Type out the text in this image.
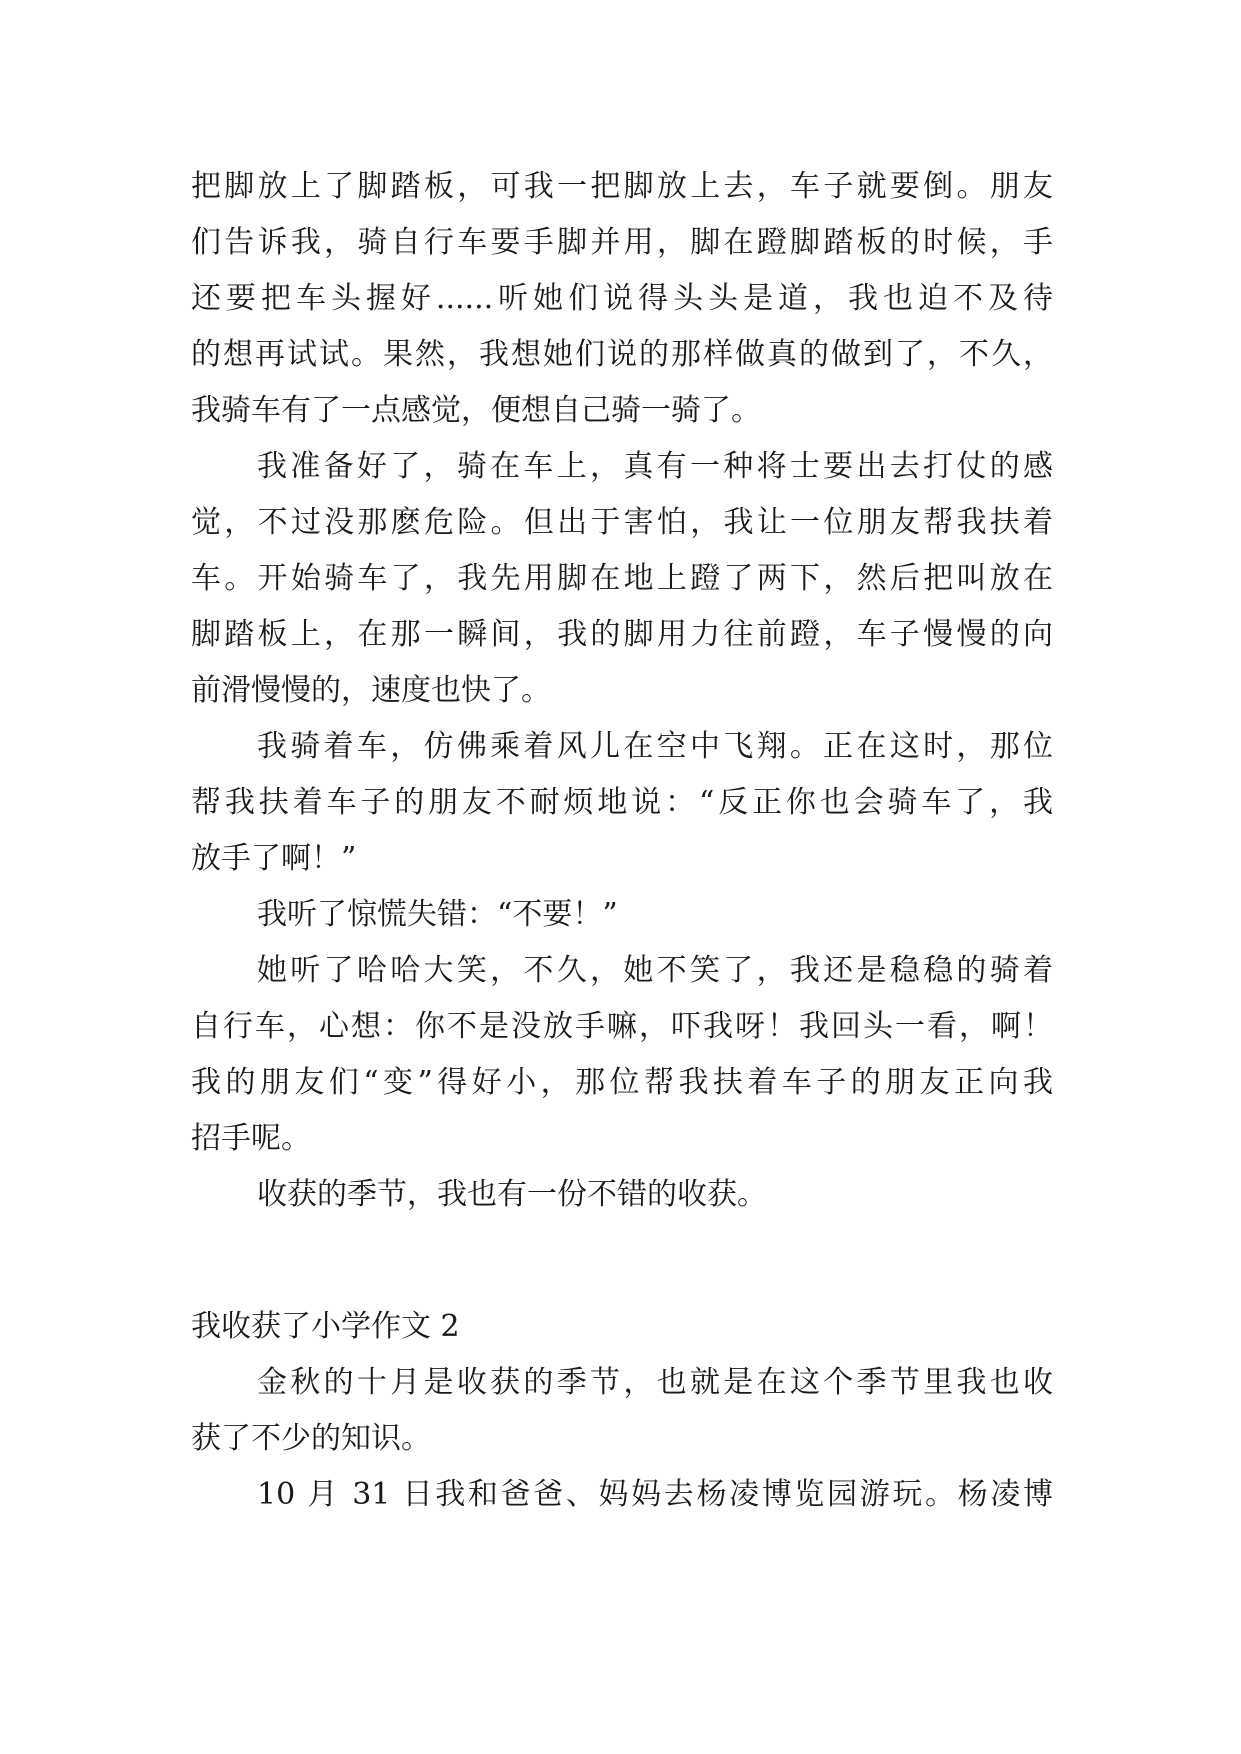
把脚放上了脚踏板，可我一把脚放上去，车子就要倒。朋友
们告诉我，骑自行车要手脚并用，脚在蹬脚踏板的时候，手
还要把车头握好......听她们说得头头是道，我也迫不及待
的想再试试。果然，我想她们说的那样做真的做到了，不久，
我骑车有了一点感觉，便想自己骑一骑了。
我准备好了，骑在车上，真有一种将士要出去打仗的感
觉，不过没那麽危险。但出于害怕，我让一位朋友帮我扶着
车。开始骑车了，我先用脚在地上蹬了两下，然后把叫放在
脚踏板上，在那一瞬间，我的脚用力往前蹬，车子慢慢的向
前滑慢慢的，速度也快了。
我骑着车，仿佛乘着风儿在空中飞翔。正在这时，那位
帮我扶着车子的朋友不耐烦地说：“反正你也会骑车了，我
放手了啊！”
我听了惊慌失错：“不要！”
她听了哈哈大笑，不久，她不笑了，我还是稳稳的骑着
自行车，心想：你不是没放手嘛，吓我呀！我回头一看，啊！
我的朋友们“变”得好小，那位帮我扶着车子的朋友正向我
招手呢。
收获的季节，我也有一份不错的收获。
我收获了小学作文 2
金秋的十月是收获的季节，也就是在这个季节里我也收
获了不少的知识。
10 月 31 日我和爸爸、妈妈去杨凌博览园游玩。杨凌博
